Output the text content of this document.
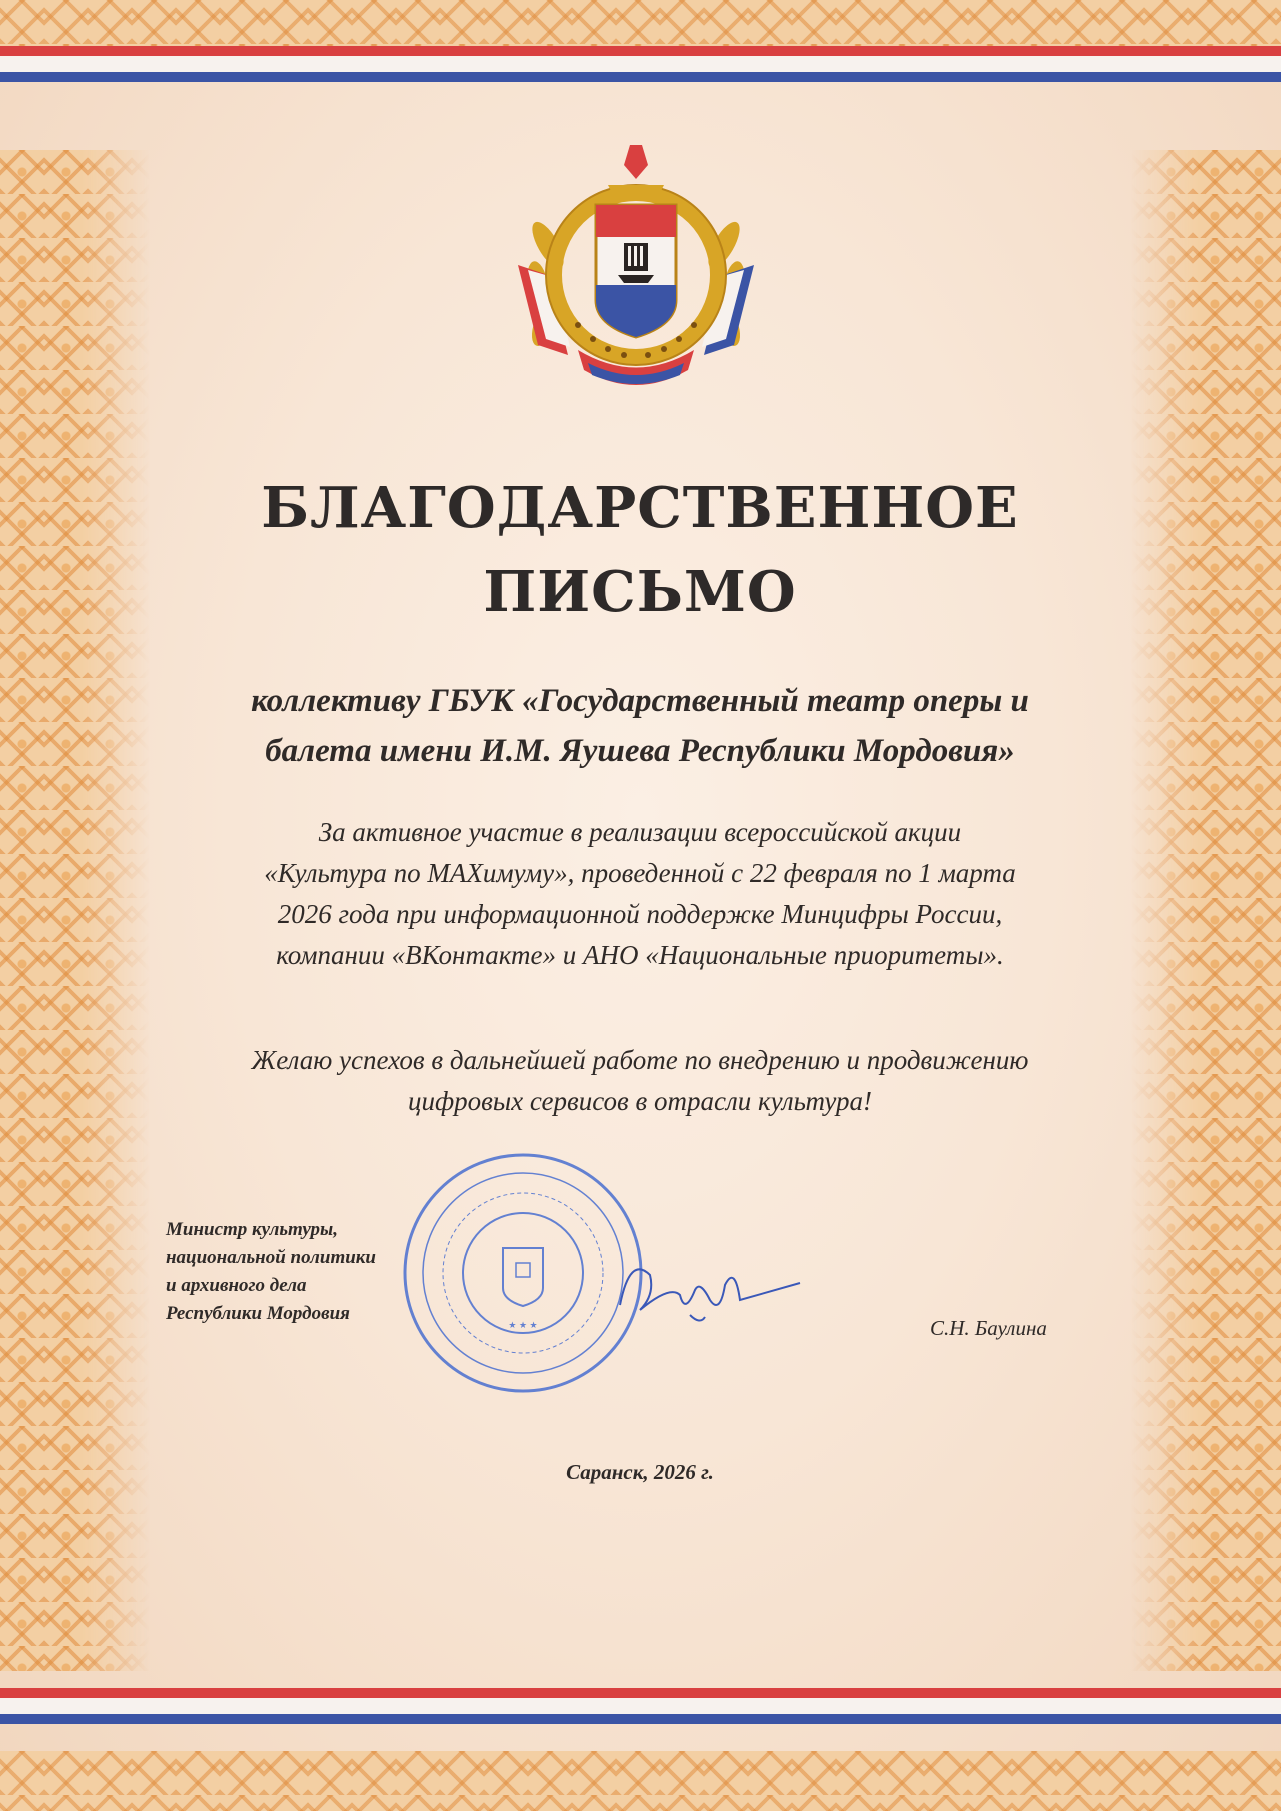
БЛАГОДАРСТВЕННОЕ
ПИСЬМО
коллективу ГБУК «Государственный театр оперы и
балета имени И.М. Яушева Республики Мордовия»
За активное участие в реализации всероссийской акции
«Культура по МАХимуму», проведенной с 22 февраля по 1 марта
2026 года при информационной поддержке Минцифры России,
компании «ВКонтакте» и АНО «Национальные приоритеты».
Желаю успехов в дальнейшей работе по внедрению и продвижению
цифровых сервисов в отрасли культура!
★ ★ ★
Министр культуры,
национальной политики
и архивного дела
Республики Мордовия
С.Н. Баулина
Саранск, 2026 г.
